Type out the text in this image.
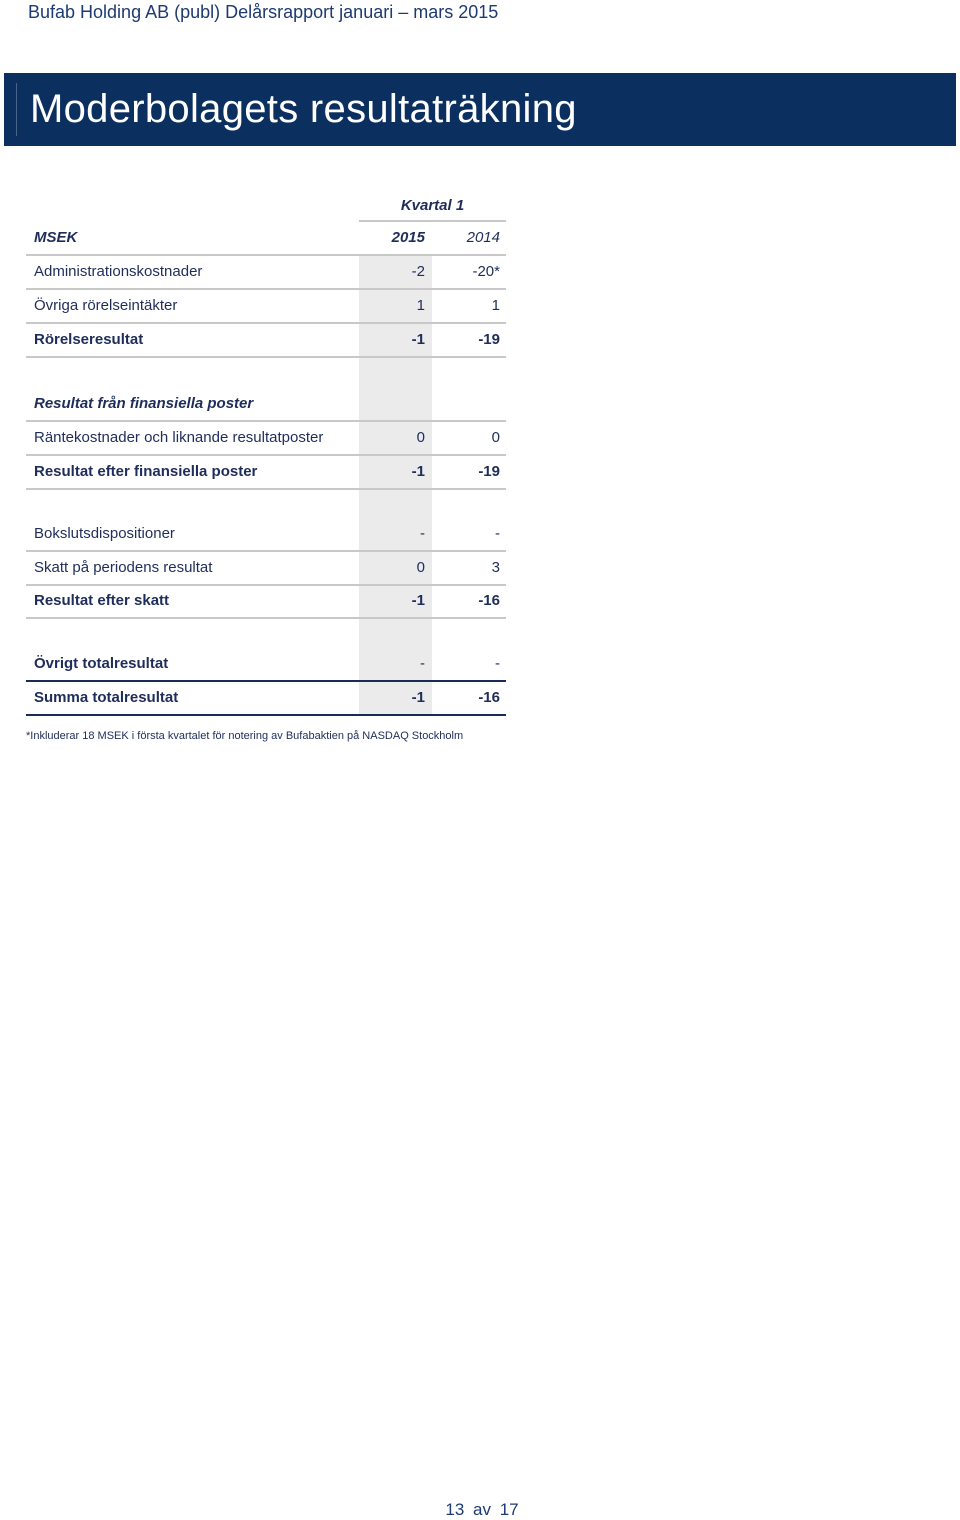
Bufab Holding AB (publ) Delårsrapport januari – mars 2015
Moderbolagets resultaträkning
Kvartal 1
MSEK	2015	2014
Administrationskostnader	-2	-20*
Övriga rörelseintäkter	1	1
Rörelseresultat	-1	-19
Resultat från finansiella poster
Räntekostnader och liknande resultatposter	0	0
Resultat efter finansiella poster	-1	-19
Bokslutsdispositioner	-	-
Skatt på periodens resultat	0	3
Resultat efter skatt	-1	-16
Övrigt totalresultat	-	-
Summa totalresultat	-1	-16
*Inkluderar 18 MSEK i första kvartalet för notering av Bufabaktien på NASDAQ Stockholm
13 av 17
